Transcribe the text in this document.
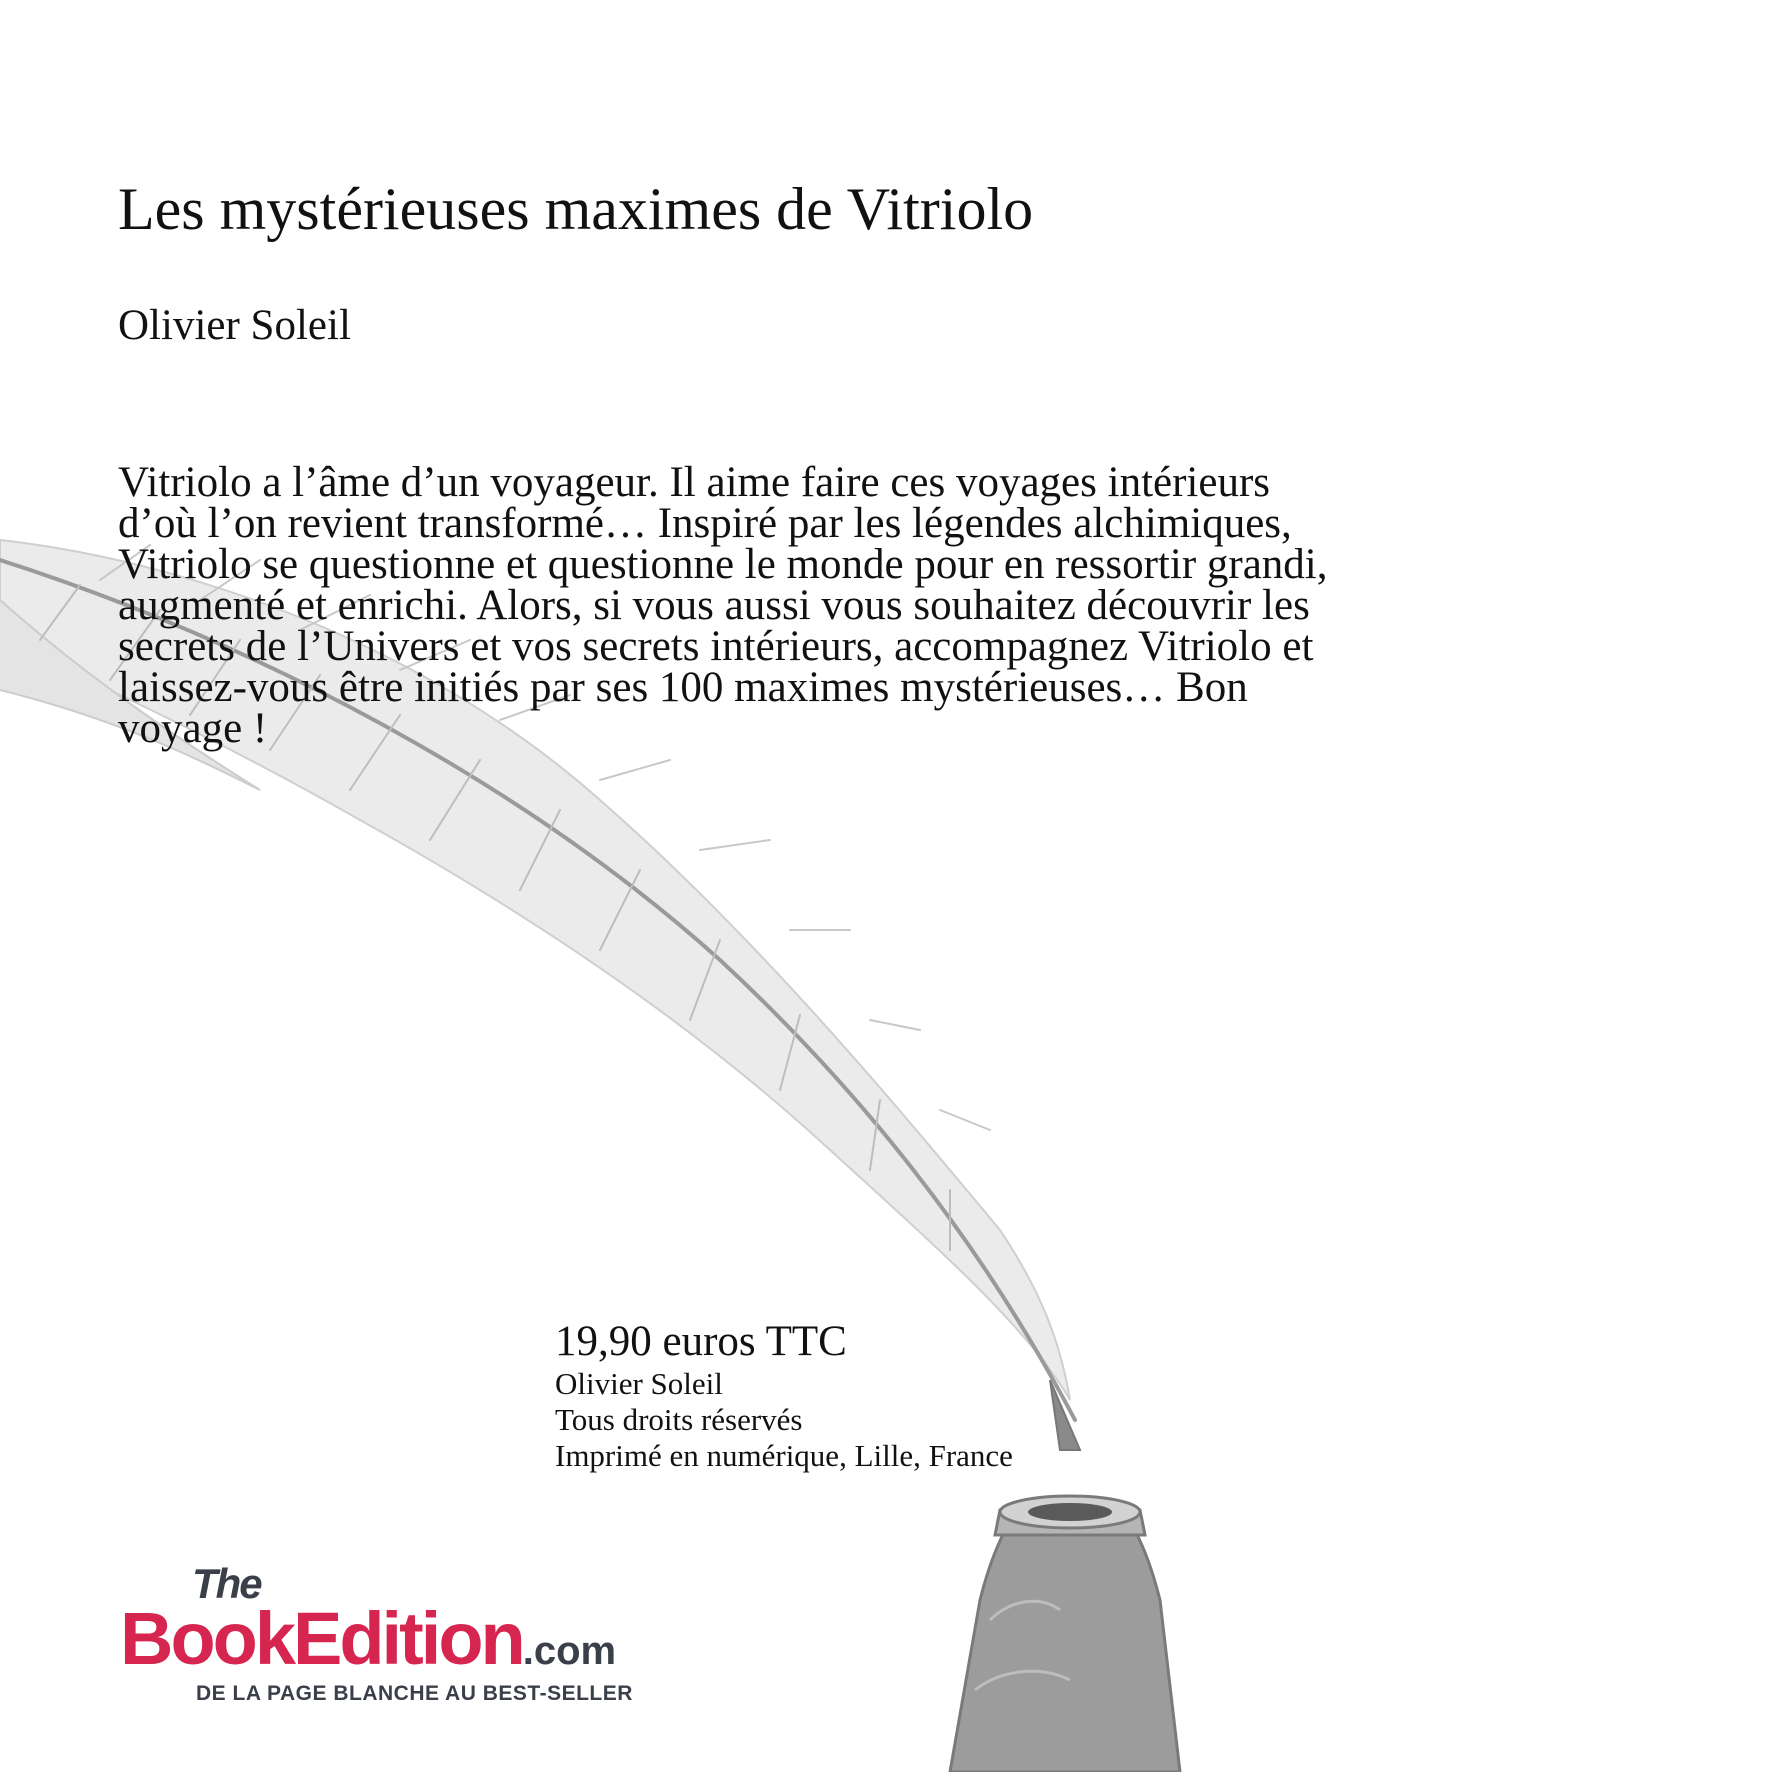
Les mystérieuses maximes de Vitriolo

Olivier Soleil

Vitriolo a l’âme d’un voyageur. Il aime faire ces voyages intérieurs d’où l’on revient transformé… Inspiré par les légendes alchimiques, Vitriolo se questionne et questionne le monde pour en ressortir grandi, augmenté et enrichi. Alors, si vous aussi vous souhaitez découvrir les secrets de l’Univers et vos secrets intérieurs, accompagnez Vitriolo et laissez-vous être initiés par ses 100 maximes mystérieuses… Bon voyage !

19,90 euros TTC
Olivier Soleil
Tous droits réservés
Imprimé en numérique, Lille, France
The
BookEdition.com
DE LA PAGE BLANCHE AU BEST-SELLER
